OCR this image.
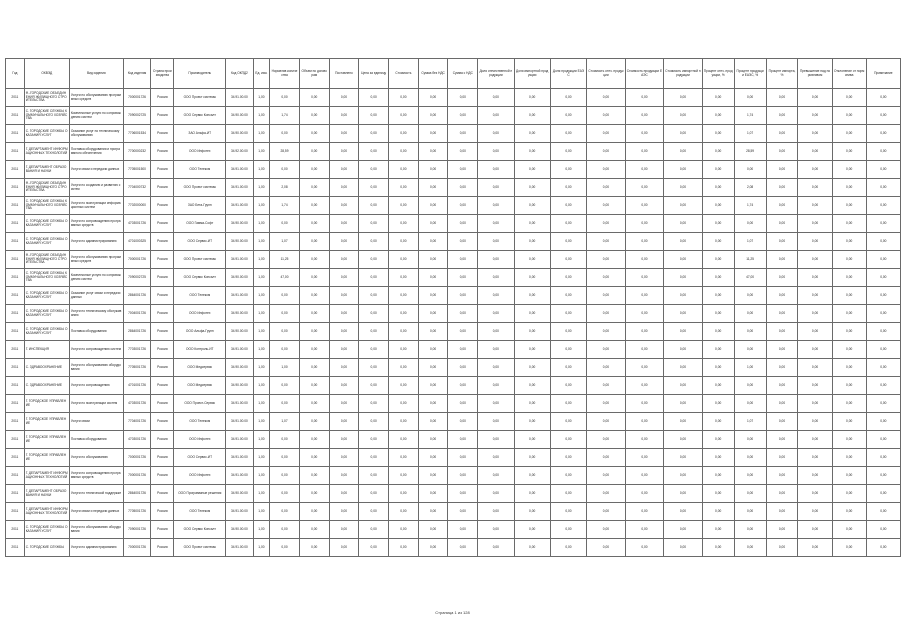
Год	ОКВЭД	Вид изделия	Код изделия	Страна производства	Производитель	Код ОКПД2	Ед. изм.	Норматив количества	Объем по договорам	Поставлено	Цена за единицу	Стоимость	Сумма без НДС	Сумма с НДС	Доля отечественной продукции	Доля импортной продукции	Доля продукции ЕАЭС	Стоимость отеч. продукции	Стоимость продукции ЕАЭС	Стоимость импортной продукции	Процент отеч. продукции, %	Процент продукции ЕАЭС, %	Процент импорта, %	Превышение над нормативом	Отклонение от норматива	Примечание
2011	Ф.-ГОРОДСКИЕ ОБЪЕДИНЕНИЯ ЖИЛИЩНОГО СТРОИТЕЛЬСТВА	Услуги по обслуживанию программных средств	7000001726	Россия	ООО Проект системы	34.91.00.00	1,00	0,00	0,00	0,00	0,00	0,00	0,00	0,00	0,00	0,00	0,00	0,00	0,00	0,00	0,00	0,00	0,00	0,00	0,00	0,00
2011	С. ГОРОДСКИЕ СЛУЖБЫ КОММУНАЛЬНОГО ХОЗЯЙСТВА	Комплексные услуги по сопровождению систем	7090002725	Россия	ООО Сервис Консалт	34.90.00.00	1,00	1,74	0,00	0,00	0,00	0,00	0,00	0,00	0,00	0,00	0,00	0,00	0,00	0,00	0,00	1,74	0,00	0,00	0,00	0,00
2011	С. ГОРОДСКИЕ СЛУЖБЫ ОКАЗАНИЯ УСЛУГ	Оказание услуг по техническому обслуживанию	7706001534	Россия	ЗАО Альфа-ИТ	34.90.00.00	1,00	0,00	0,00	0,00	0,00	0,00	0,00	0,00	0,00	0,00	0,00	0,00	0,00	0,00	0,00	1,07	0,00	0,00	0,00	0,00
2011	Г. ДЕПАРТАМЕНТ ИНФОРМАЦИОННЫХ ТЕХНОЛОГИЙ	Поставка оборудования и программного обеспечения	7700000232	Россия	ООО Инфотех	34.92.00.00	1,00	28,59	0,00	0,00	0,00	0,00	0,00	0,00	0,00	0,00	0,00	0,00	0,00	0,00	0,00	28,59	0,00	0,00	0,00	0,00
2011	Г. ДЕПАРТАМЕНТ ОБРАЗОВАНИЯ И НАУКИ	Услуги связи и передачи данных	7705001500	Россия	ООО Телеком	34.91.00.00	1,00	0,00	0,00	0,00	0,00	0,00	0,00	0,00	0,00	0,00	0,00	0,00	0,00	0,00	0,00	0,00	0,00	0,00	0,00	0,00
2011	Ф.-ГОРОДСКИЕ ОБЪЕДИНЕНИЯ ЖИЛИЩНОГО СТРОИТЕЛЬСТВА	Услуги по созданию и развитию систем	7704000732	Россия	ООО Проект системы	34.91.00.00	1,00	2,08	0,00	0,00	0,00	0,00	0,00	0,00	0,00	0,00	0,00	0,00	0,00	0,00	0,00	2,08	0,00	0,00	0,00	0,00
2011	С. ГОРОДСКИЕ СЛУЖБЫ КОММУНАЛЬНОГО ХОЗЯЙСТВА	Услуги по эксплуатации информационных систем	7702000000	Россия	ЗАО Бета-Групп	34.91.00.00	1,00	1,74	0,00	0,00	0,00	0,00	0,00	0,00	0,00	0,00	0,00	0,00	0,00	0,00	0,00	1,74	0,00	0,00	0,00	0,00
2011	С. ГОРОДСКИЕ СЛУЖБЫ ОКАЗАНИЯ УСЛУГ	Услуги по сопровождению программных средств	4703001726	Россия	ООО Гамма-Софт	34.90.00.00	1,00	0,00	0,00	0,00	0,00	0,00	0,00	0,00	0,00	0,00	0,00	0,00	0,00	0,00	0,00	0,00	0,00	0,00	0,00	0,00
2011	С. ГОРОДСКИЕ СЛУЖБЫ ОКАЗАНИЯ УСЛУГ	Услуги по администрированию	4701000325	Россия	ООО Сервис-ИТ	34.90.00.00	1,00	1,07	0,00	0,00	0,00	0,00	0,00	0,00	0,00	0,00	0,00	0,00	0,00	0,00	0,00	1,07	0,00	0,00	0,00	0,00
2011	Ф.-ГОРОДСКИЕ ОБЪЕДИНЕНИЯ ЖИЛИЩНОГО СТРОИТЕЛЬСТВА	Услуги по обслуживанию программных средств	7000001726	Россия	ООО Проект системы	34.91.00.00	1,00	11,25	0,00	0,00	0,00	0,00	0,00	0,00	0,00	0,00	0,00	0,00	0,00	0,00	0,00	11,25	0,00	0,00	0,00	0,00
2011	С. ГОРОДСКИЕ СЛУЖБЫ КОММУНАЛЬНОГО ХОЗЯЙСТВА	Комплексные услуги по сопровождению систем	7090002725	Россия	ООО Сервис Консалт	34.90.00.00	1,00	47,00	0,00	0,00	0,00	0,00	0,00	0,00	0,00	0,00	0,00	0,00	0,00	0,00	0,00	47,00	0,00	0,00	0,00	0,00
2011	С. ГОРОДСКИЕ СЛУЖБЫ ОКАЗАНИЯ УСЛУГ	Оказание услуг связи и передачи данных	2864001726	Россия	ООО Телеком	34.91.00.00	1,00	0,00	0,00	0,00	0,00	0,00	0,00	0,00	0,00	0,00	0,00	0,00	0,00	0,00	0,00	0,00	0,00	0,00	0,00	0,00
2011	С. ГОРОДСКИЕ СЛУЖБЫ ОКАЗАНИЯ УСЛУГ	Услуги по техническому обслуживанию	7004001726	Россия	ООО Инфотех	34.90.00.00	1,00	0,00	0,00	0,00	0,00	0,00	0,00	0,00	0,00	0,00	0,00	0,00	0,00	0,00	0,00	0,00	0,00	0,00	0,00	0,00
2011	С. ГОРОДСКИЕ СЛУЖБЫ ОКАЗАНИЯ УСЛУГ	Поставка оборудования	2864001726	Россия	ООО Альфа-Групп	34.90.00.00	1,00	0,00	0,00	0,00	0,00	0,00	0,00	0,00	0,00	0,00	0,00	0,00	0,00	0,00	0,00	0,00	0,00	0,00	0,00	0,00
2011	Г. ИНСПЕКЦИЯ	Услуги по сопровождению систем	7703001726	Россия	ООО Контроль-ИТ	34.91.00.00	1,00	0,00	0,00	0,00	0,00	0,00	0,00	0,00	0,00	0,00	0,00	0,00	0,00	0,00	0,00	0,00	0,00	0,00	0,00	0,00
2011	С. ЗДРАВООХРАНЕНИЕ	Услуги по обслуживанию оборудования	7705001726	Россия	ООО Медсервис	34.90.00.00	1,00	1,00	0,00	0,00	0,00	0,00	0,00	0,00	0,00	0,00	0,00	0,00	0,00	0,00	0,00	1,00	0,00	0,00	0,00	0,00
2011	С. ЗДРАВООХРАНЕНИЕ	Услуги по сопровождению	4701001726	Россия	ООО Медсервис	34.90.00.00	1,00	0,00	0,00	0,00	0,00	0,00	0,00	0,00	0,00	0,00	0,00	0,00	0,00	0,00	0,00	0,00	0,00	0,00	0,00	0,00
2011	Г. ГОРОДСКОЕ УПРАВЛЕНИЕ	Услуги по эксплуатации систем	4703001726	Россия	ООО Проект-Сервис	34.91.00.00	1,00	0,00	0,00	0,00	0,00	0,00	0,00	0,00	0,00	0,00	0,00	0,00	0,00	0,00	0,00	0,00	0,00	0,00	0,00	0,00
2011	Г. ГОРОДСКОЕ УПРАВЛЕНИЕ	Услуги связи	7704001726	Россия	ООО Телеком	34.91.00.00	1,00	1,07	0,00	0,00	0,00	0,00	0,00	0,00	0,00	0,00	0,00	0,00	0,00	0,00	0,00	1,07	0,00	0,00	0,00	0,00
2011	Г. ГОРОДСКОЕ УПРАВЛЕНИЕ	Поставка оборудования	4703001726	Россия	ООО Инфотех	34.91.00.00	1,00	0,00	0,00	0,00	0,00	0,00	0,00	0,00	0,00	0,00	0,00	0,00	0,00	0,00	0,00	0,00	0,00	0,00	0,00	0,00
2011	Г. ГОРОДСКОЕ УПРАВЛЕНИЕ	Услуги по обслуживанию	7000001726	Россия	ООО Сервис-ИТ	34.91.00.00	1,00	0,00	0,00	0,00	0,00	0,00	0,00	0,00	0,00	0,00	0,00	0,00	0,00	0,00	0,00	0,00	0,00	0,00	0,00	0,00
2011	Г. ДЕПАРТАМЕНТ ИНФОРМАЦИОННЫХ ТЕХНОЛОГИЙ	Услуги по сопровождению программных средств	7000001726	Россия	ООО Инфотех	34.91.00.00	1,00	0,00	0,00	0,00	0,00	0,00	0,00	0,00	0,00	0,00	0,00	0,00	0,00	0,00	0,00	0,00	0,00	0,00	0,00	0,00
2011	Г. ДЕПАРТАМЕНТ ОБРАЗОВАНИЯ И НАУКИ	Услуги по технической поддержке	2864001726	Россия	ООО Программные решения	34.90.00.00	1,00	0,00	0,00	0,00	0,00	0,00	0,00	0,00	0,00	0,00	0,00	0,00	0,00	0,00	0,00	0,00	0,00	0,00	0,00	0,00
2011	Г. ДЕПАРТАМЕНТ ИНФОРМАЦИОННЫХ ТЕХНОЛОГИЙ	Услуги связи и передачи данных	7705001726	Россия	ООО Телеком	34.91.00.00	1,00	0,00	0,00	0,00	0,00	0,00	0,00	0,00	0,00	0,00	0,00	0,00	0,00	0,00	0,00	0,00	0,00	0,00	0,00	0,00
2011	С. ГОРОДСКИЕ СЛУЖБЫ ОКАЗАНИЯ УСЛУГ	Услуги по обслуживанию оборудования	7090001726	Россия	ООО Сервис Консалт	34.90.00.00	1,00	0,00	0,00	0,00	0,00	0,00	0,00	0,00	0,00	0,00	0,00	0,00	0,00	0,00	0,00	0,00	0,00	0,00	0,00	0,00
2011	С. ГОРОДСКИЕ СЛУЖБЫ	Услуги по администрированию	7000001726	Россия	ООО Проект системы	34.91.00.00	1,00	0,00	0,00	0,00	0,00	0,00	0,00	0,00	0,00	0,00	0,00	0,00	0,00	0,00	0,00	0,00	0,00	0,00	0,00	0,00
Страница 1 из 128
